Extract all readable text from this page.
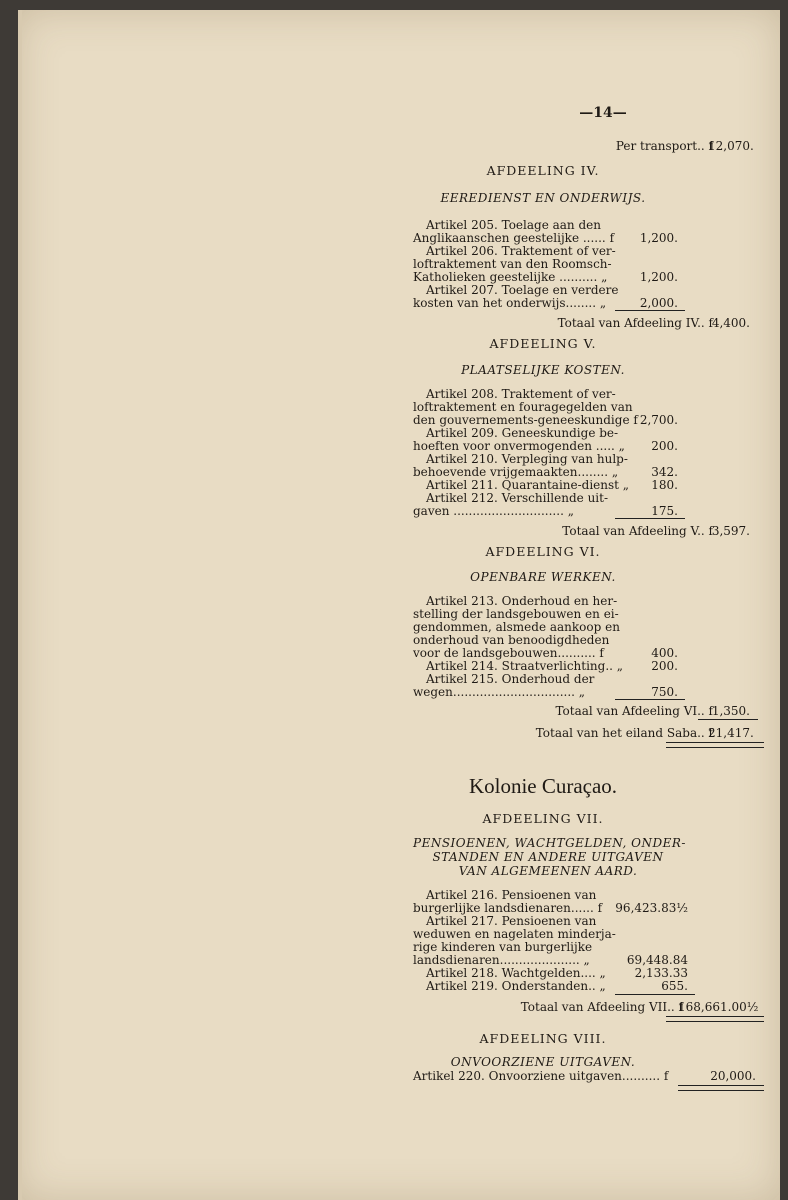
—14—
Per transport.. f
12,070.
AFDEELING IV.
EEREDIENST EN ONDERWIJS.
Artikel 205. Toelage aan den
Anglikaanschen geestelijke ...... f
Artikel 206. Traktement of ver-
loftraktement van den Roomsch-
Katholieken geestelijke .......... „
Artikel 207. Toelage en verdere
kosten van het onderwijs........ „
1,200.
1,200.
2,000.
Totaal van Afdeeling IV.. f
4,400.
AFDEELING V.
PLAATSELIJKE KOSTEN.
Artikel 208. Traktement of ver-
loftraktement en fouragegelden van
den gouvernements-geneeskundige f
Artikel 209. Geneeskundige be-
hoeften voor onvermogenden ..... „
Artikel 210. Verpleging van hulp-
behoevende vrijgemaakten........ „
Artikel 211. Quarantaine-dienst „
Artikel 212. Verschillende uit-
gaven ............................. „
2,700.
200.
342.
180.
175.
Totaal van Afdeeling V.. f
3,597.
AFDEELING VI.
OPENBARE WERKEN.
Artikel 213. Onderhoud en her-
stelling der landsgebouwen en ei-
gendommen, alsmede aankoop en
onderhoud van benoodigdheden
voor de landsgebouwen.......... f
Artikel 214. Straatverlichting.. „
Artikel 215. Onderhoud der
wegen................................ „
400.
200.
750.
Totaal van Afdeeling VI.. f
1,350.
Totaal van het eiland Saba.. f
21,417.
Kolonie Curaçao.
AFDEELING VII.
PENSIOENEN, WACHTGELDEN, ONDER-
STANDEN EN ANDERE UITGAVEN
VAN ALGEMEENEN AARD.
Artikel 216. Pensioenen van
burgerlijke landsdienaren...... f
Artikel 217. Pensioenen van
weduwen en nagelaten minderja-
rige kinderen van burgerlijke
landsdienaren..................... „
Artikel 218. Wachtgelden.... „
Artikel 219. Onderstanden.. „
96,423.83½
69,448.84
2,133.33
655.
Totaal van Afdeeling VII.. f
168,661.00½
AFDEELING VIII.
ONVOORZIENE UITGAVEN.
Artikel 220. Onvoorziene uitgaven.......... f	20,000.
